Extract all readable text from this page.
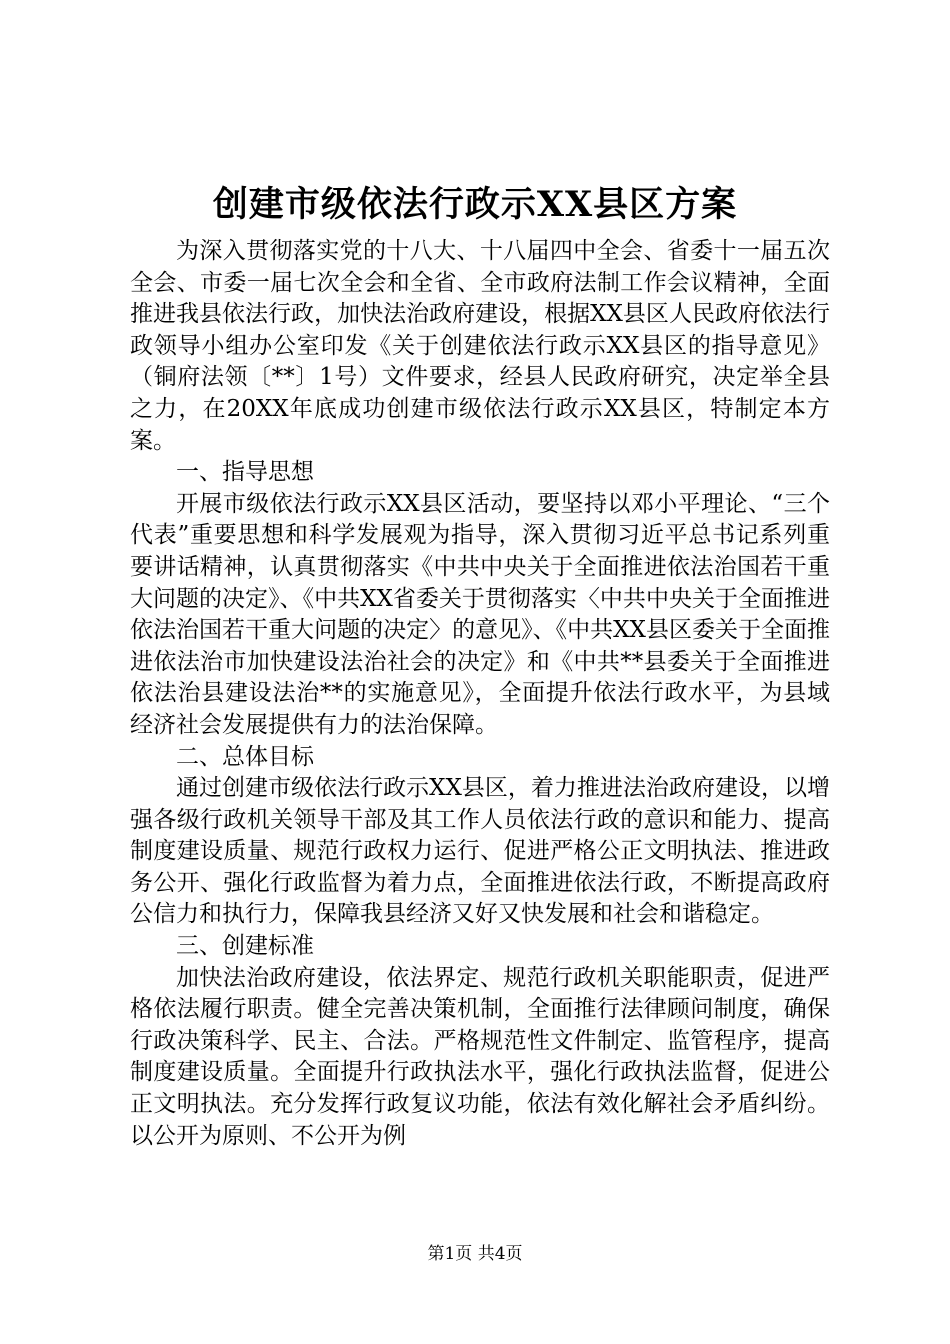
创建市级依法行政示XX县区方案

为深入贯彻落实党的十八大、十八届四中全会、省委十一届五次全会、市委一届七次全会和全省、全市政府法制工作会议精神，全面推进我县依法行政，加快法治政府建设，根据XX县区人民政府依法行政领导小组办公室印发《关于创建依法行政示XX县区的指导意见》（铜府法领〔**〕1号）文件要求，经县人民政府研究，决定举全县之力，在20XX年底成功创建市级依法行政示XX县区，特制定本方案。

一、指导思想

开展市级依法行政示XX县区活动，要坚持以邓小平理论、“三个代表”重要思想和科学发展观为指导，深入贯彻习近平总书记系列重要讲话精神，认真贯彻落实《中共中央关于全面推进依法治国若干重大问题的决定》、《中共XX省委关于贯彻落实〈中共中央关于全面推进依法治国若干重大问题的决定〉的意见》、《中共XX县区委关于全面推进依法治市加快建设法治社会的决定》和《中共**县委关于全面推进依法治县建设法治**的实施意见》，全面提升依法行政水平，为县域经济社会发展提供有力的法治保障。

二、总体目标

通过创建市级依法行政示XX县区，着力推进法治政府建设，以增强各级行政机关领导干部及其工作人员依法行政的意识和能力、提高制度建设质量、规范行政权力运行、促进严格公正文明执法、推进政务公开、强化行政监督为着力点，全面推进依法行政，不断提高政府公信力和执行力，保障我县经济又好又快发展和社会和谐稳定。

三、创建标准

加快法治政府建设，依法界定、规范行政机关职能职责，促进严格依法履行职责。健全完善决策机制，全面推行法律顾问制度，确保行政决策科学、民主、合法。严格规范性文件制定、监管程序，提高制度建设质量。全面提升行政执法水平，强化行政执法监督，促进公正文明执法。充分发挥行政复议功能，依法有效化解社会矛盾纠纷。以公开为原则、不公开为例

第1页 共4页
